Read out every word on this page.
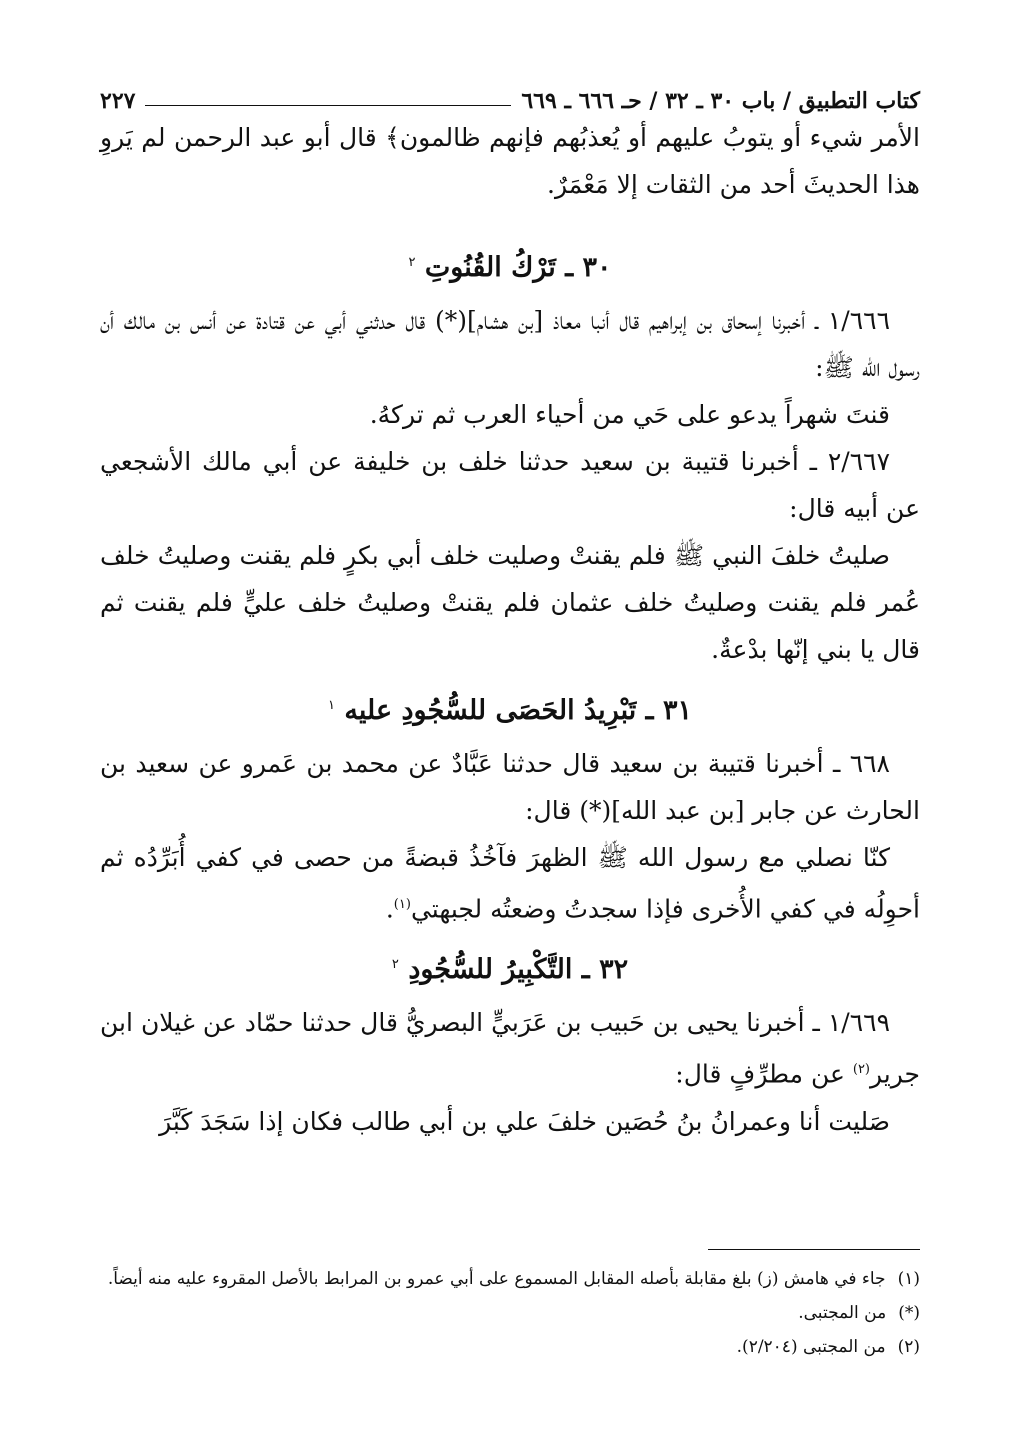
كتاب التطبيق / باب ٣٠ ـ ٣٢ / حـ ٦٦٦ ـ ٦٦٩
٢٢٧

الأمر شيء أو يتوبُ عليهم أو يُعذبُهم فإنهم ظالمون﴾ قال أبو عبد الرحمن لم يَروِ هذا الحديثَ أحد من الثقات إلا مَعْمَرٌ.

٣٠ ـ تَرْكُ القُنُوتِ $^٢$

١/٦٦٦ ـ أخبرنا إسحاق بن إبراهيم قال أنبا معاذ [بن هشام](*) قال حدثني أبي عن قتادة عن أنس بن مالك أن رسول الله ﷺ:

قنتَ شهراً يدعو على حَي من أحياء العرب ثم تركهُ.

٢/٦٦٧ ـ أخبرنا قتيبة بن سعيد حدثنا خلف بن خليفة عن أبي مالك الأشجعي عن أبيه قال:

صليتُ خلفَ النبي ﷺ فلم يقنتْ وصليت خلف أبي بكرٍ فلم يقنت وصليتُ خلف عُمر فلم يقنت وصليتُ خلف عثمان فلم يقنتْ وصليتُ خلف عليٍّ فلم يقنت ثم قال يا بني إنّها بدْعةٌ.

٣١ ـ تَبْرِيدُ الحَصَى للسُّجُودِ عليه $^١$

٦٦٨ ـ أخبرنا قتيبة بن سعيد قال حدثنا عَبَّادٌ عن محمد بن عَمرو عن سعيد بن الحارث عن جابر [بن عبد الله](*) قال:

كنّا نصلي مع رسول الله ﷺ الظهرَ فآخُذُ قبضةً من حصى في كفي أُبَرِّدُه ثم أحوِلُه في كفي الأُخرى فإذا سجدتُ وضعتُه لجبهتي$^{(١)}$.

٣٢ ـ التَّكْبِيرُ للسُّجُودِ $^٢$

١/٦٦٩ ـ أخبرنا يحيى بن حَبيب بن عَرَبيٍّ البصريُّ قال حدثنا حمّاد عن غيلان ابن جرير$^{(٢)}$ عن مطرِّفٍ قال:

صَليت أنا وعمرانُ بنُ حُصَين خلفَ علي بن أبي طالب فكان إذا سَجَدَ كَبَّرَ

(١)جاء في هامش (ز) بلغ مقابلة بأصله المقابل المسموع على أبي عمرو بن المرابط بالأصل المقروء عليه منه أيضاً.

(*)من المجتبى.

(٢)من المجتبى (٢/٢٠٤).
